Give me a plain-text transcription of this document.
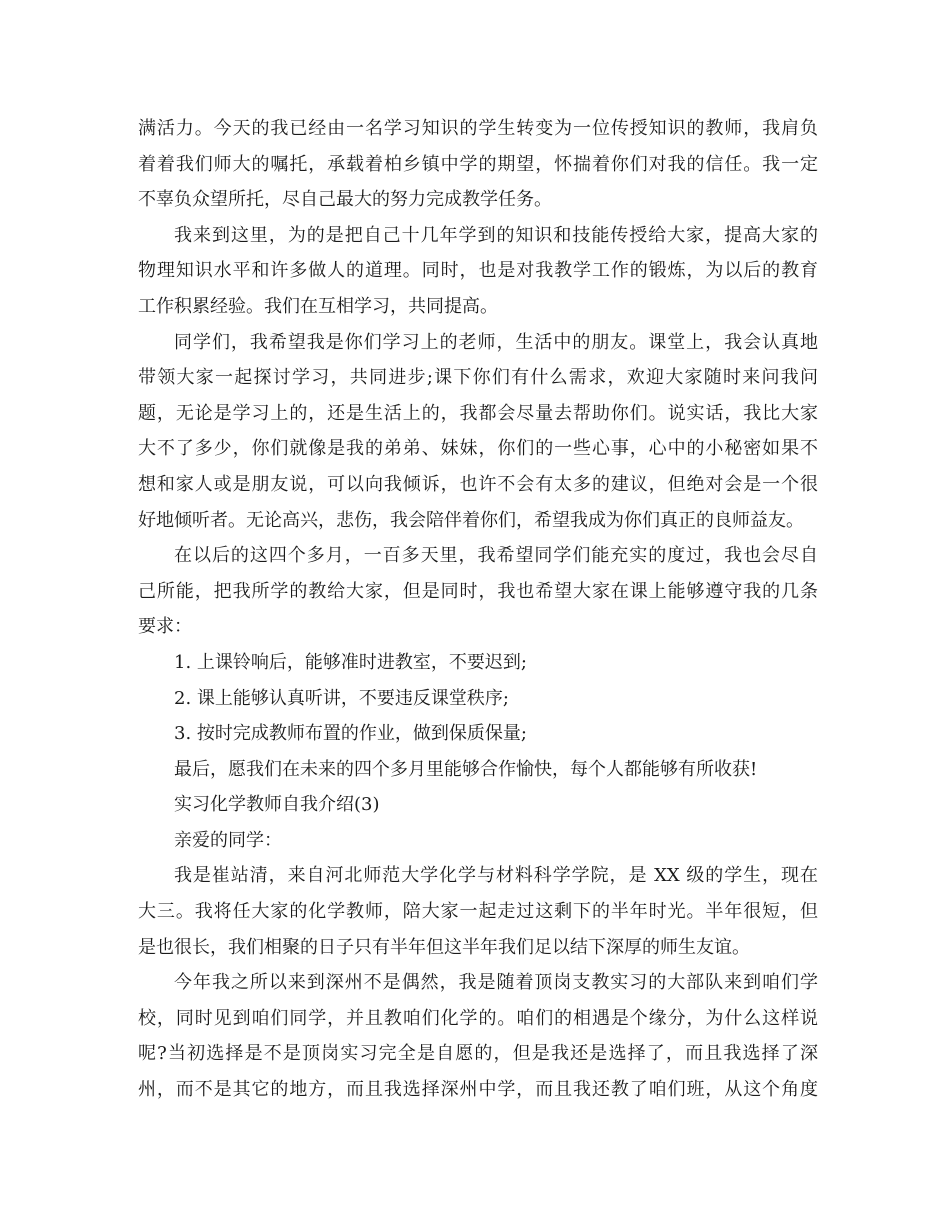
满活力。今天的我已经由一名学习知识的学生转变为一位传授知识的教师，我肩负
着着我们师大的嘱托，承载着柏乡镇中学的期望，怀揣着你们对我的信任。我一定
不辜负众望所托，尽自己最大的努力完成教学任务。
我来到这里，为的是把自己十几年学到的知识和技能传授给大家，提高大家的
物理知识水平和许多做人的道理。同时，也是对我教学工作的锻炼，为以后的教育
工作积累经验。我们在互相学习，共同提高。
同学们，我希望我是你们学习上的老师，生活中的朋友。课堂上，我会认真地
带领大家一起探讨学习，共同进步;课下你们有什么需求，欢迎大家随时来问我问
题，无论是学习上的，还是生活上的，我都会尽量去帮助你们。说实话，我比大家
大不了多少，你们就像是我的弟弟、妹妹，你们的一些心事，心中的小秘密如果不
想和家人或是朋友说，可以向我倾诉，也许不会有太多的建议，但绝对会是一个很
好地倾听者。无论高兴，悲伤，我会陪伴着你们，希望我成为你们真正的良师益友。
在以后的这四个多月，一百多天里，我希望同学们能充实的度过，我也会尽自
己所能，把我所学的教给大家，但是同时，我也希望大家在课上能够遵守我的几条
要求：
1. 上课铃响后，能够准时进教室，不要迟到;
2. 课上能够认真听讲，不要违反课堂秩序;
3. 按时完成教师布置的作业，做到保质保量;
最后，愿我们在未来的四个多月里能够合作愉快，每个人都能够有所收获!
实习化学教师自我介绍(3)
亲爱的同学：
我是崔站清，来自河北师范大学化学与材料科学学院，是 XX 级的学生，现在
大三。我将任大家的化学教师，陪大家一起走过这剩下的半年时光。半年很短，但
是也很长，我们相聚的日子只有半年但这半年我们足以结下深厚的师生友谊。
今年我之所以来到深州不是偶然，我是随着顶岗支教实习的大部队来到咱们学
校，同时见到咱们同学，并且教咱们化学的。咱们的相遇是个缘分，为什么这样说
呢?当初选择是不是顶岗实习完全是自愿的，但是我还是选择了，而且我选择了深
州，而不是其它的地方，而且我选择深州中学，而且我还教了咱们班，从这个角度
